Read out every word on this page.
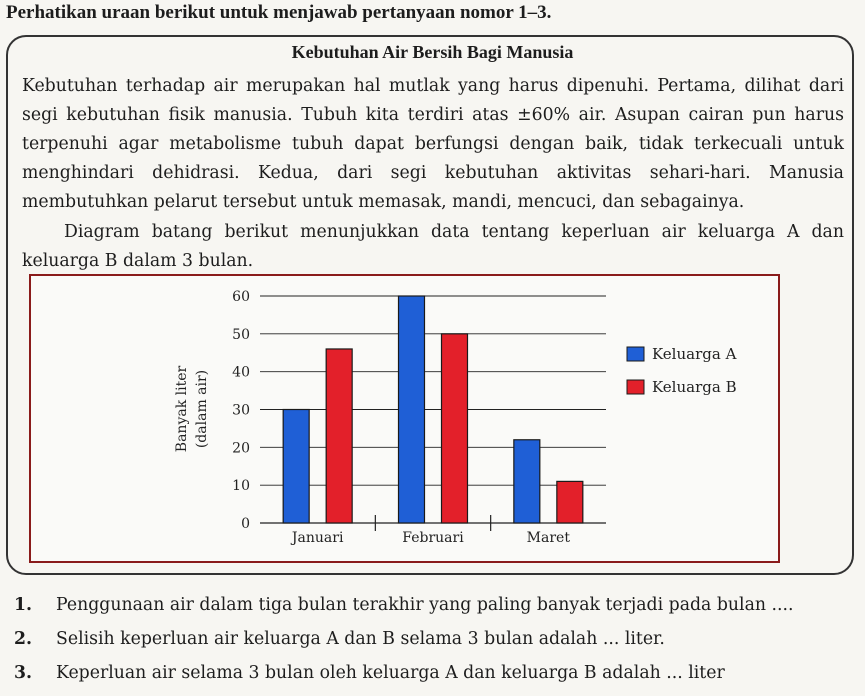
Perhatikan uraan berikut untuk menjawab pertanyaan nomor 1–3.
Kebutuhan Air Bersih Bagi Manusia
Kebutuhan terhadap air merupakan hal mutlak yang harus dipenuhi. Pertama, dilihat dari segi kebutuhan fisik manusia. Tubuh kita terdiri atas ±60% air. Asupan cairan pun harus terpenuhi agar metabolisme tubuh dapat berfungsi dengan baik, tidak terkecuali untuk menghindari dehidrasi. Kedua, dari segi kebutuhan aktivitas sehari-hari. Manusia membutuhkan pelarut tersebut untuk memasak, mandi, mencuci, dan sebagainya.
Diagram batang berikut menunjukkan data tentang keperluan air keluarga A dan keluarga B dalam 3 bulan.
0
10
20
30
40
50
60
Januari	Februari	Maret
Banyak liter (dalam air)
Keluarga A
Keluarga B
1. Penggunaan air dalam tiga bulan terakhir yang paling banyak terjadi pada bulan ....
2. Selisih keperluan air keluarga A dan B selama 3 bulan adalah ... liter.
3. Keperluan air selama 3 bulan oleh keluarga A dan keluarga B adalah ... liter
